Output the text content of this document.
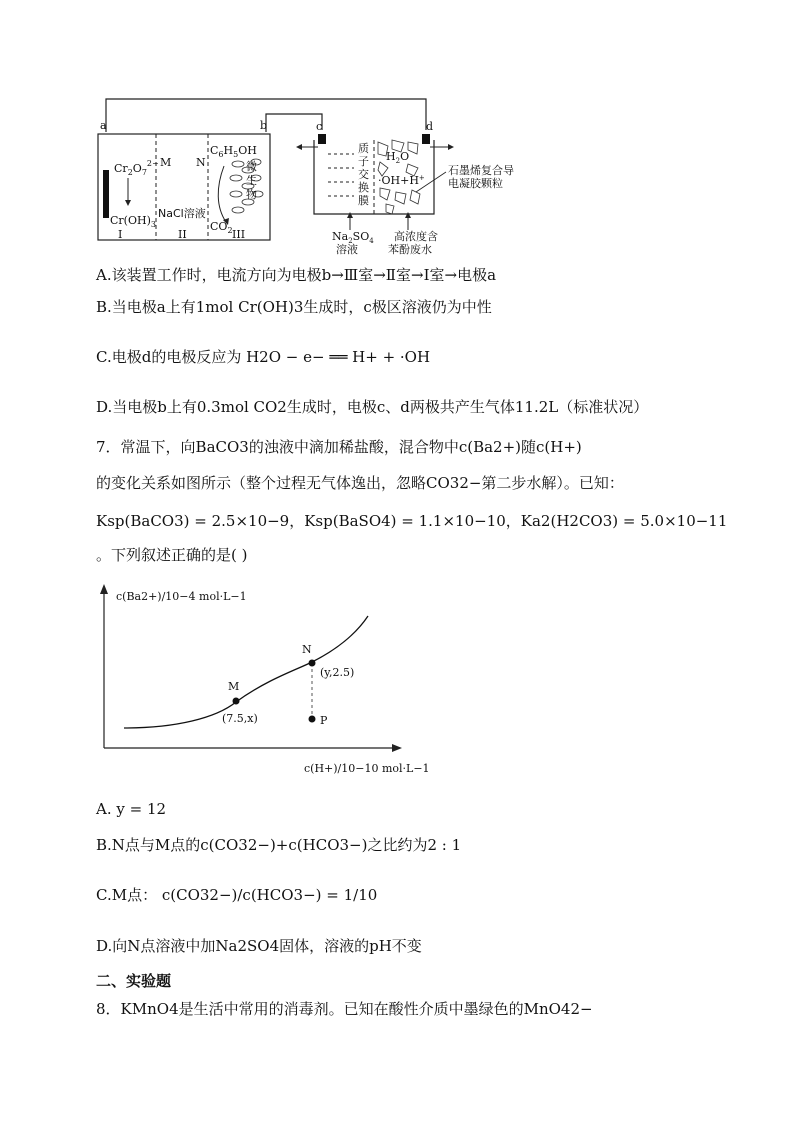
a	b	c	d
$Cr_2O_7^{2-}$
$Cr(OH)_3$
M N
NaCl溶液
$C_6H_5OH$
微
生
物
$CO_2$
I	II	III
质
子
交
换
膜
$H_2O$
·OH+H+
石墨烯复合导
电凝胶颗粒
$Na_2SO_4$
溶液
高浓度含
苯酚废水
A.该装置工作时，电流方向为电极b→Ⅲ室→Ⅱ室→Ⅰ室→电极a
B.当电极a上有1mol Cr(OH)3生成时，c极区溶液仍为中性
C.电极d的电极反应为 H2O − e− ══ H+ + ·OH
D.当电极b上有0.3mol CO2生成时，电极c、d两极共产生气体11.2L（标准状况）
7．常温下，向BaCO3的浊液中滴加稀盐酸，混合物中c(Ba2+)随c(H+)
的变化关系如图所示（整个过程无气体逸出，忽略CO32−第二步水解）。已知：
Ksp(BaCO3) = 2.5×10−9，Ksp(BaSO4) = 1.1×10−10，Ka2(H2CO3) = 5.0×10−11
。下列叙述正确的是( )
c(Ba2+)/10−4 mol·L−1
c(H+)/10−10 mol·L−1
M
(7.5,x)
N
(y,2.5)
P
A. y = 12
B.N点与M点的c(CO32−)+c(HCO3−)之比约为2 : 1
C.M点： c(CO32−)/c(HCO3−) = 1/10
D.向N点溶液中加Na2SO4固体，溶液的pH不变
二、实验题
8．KMnO4是生活中常用的消毒剂。已知在酸性介质中墨绿色的MnO42−
